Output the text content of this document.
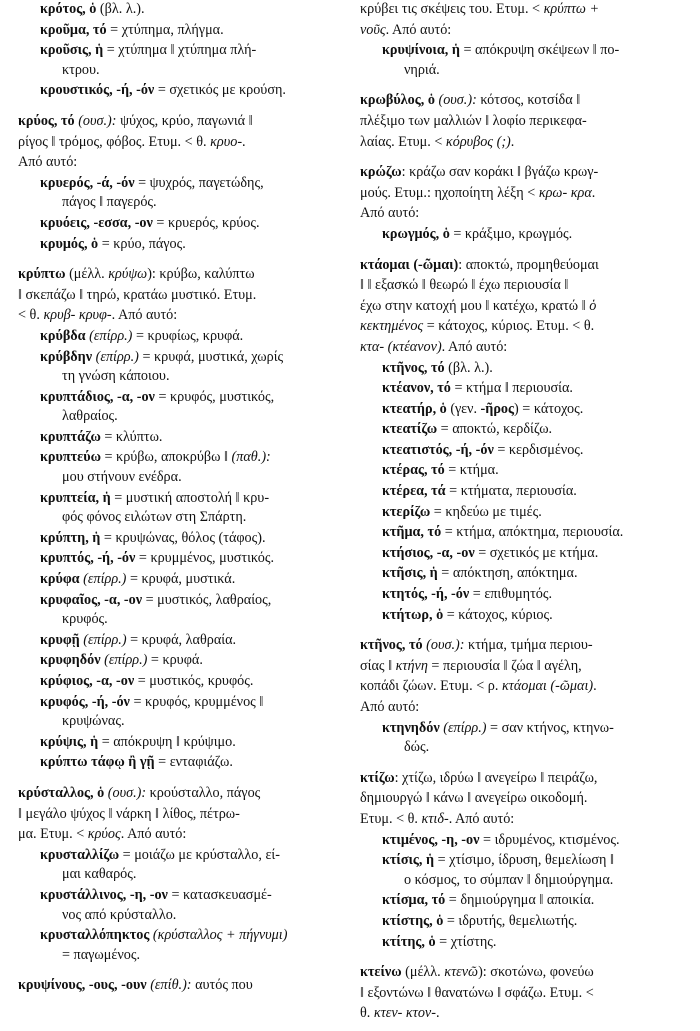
κρότος, ὁ (βλ. λ.).
κροῦμα, τό = χτύπημα, πλήγμα.
κροῦσις, ἡ = χτύπημα ‖ χτύπημα πλή-
κτρου.
κρουστικός, -ή, -όν = σχετικός με κρούση.
κρύος, τό (ουσ.): ψύχος, κρύο, παγωνιά ‖
ρίγος ‖ τρόμος, φόβος. Ετυμ. < θ. κρυο-.
Από αυτό:
κρυερός, -ά, -όν = ψυχρός, παγετώδης,
πάγος ‖ παγερός.
κρυόεις, -εσσα, -ον = κρυερός, κρύος.
κρυμός, ὁ = κρύο, πάγος.
κρύπτω (μέλλ. κρύψω): κρύβω, καλύπτω
‖ σκεπάζω ‖ τηρώ, κρατάω μυστικό. Ετυμ.
< θ. κρυβ- κρυφ-. Από αυτό:
κρύβδα (επίρρ.) = κρυφίως, κρυφά.
κρύβδην (επίρρ.) = κρυφά, μυστικά, χωρίς
τη γνώση κάποιου.
κρυπτάδιος, -α, -ον = κρυφός, μυστικός,
λαθραίος.
κρυπτάζω = κλύπτω.
κρυπτεύω = κρύβω, αποκρύβω ‖ (παθ.):
μου στήνουν ενέδρα.
κρυπτεία, ἡ = μυστική αποστολή ‖ κρυ-
φός φόνος ειλώτων στη Σπάρτη.
κρύπτη, ἡ = κρυψώνας, θόλος (τάφος).
κρυπτός, -ή, -όν = κρυμμένος, μυστικός.
κρύφα (επίρρ.) = κρυφά, μυστικά.
κρυφαῖος, -α, -ον = μυστικός, λαθραίος,
κρυφός.
κρυφῇ (επίρρ.) = κρυφά, λαθραία.
κρυφηδόν (επίρρ.) = κρυφά.
κρύφιος, -α, -ον = μυστικός, κρυφός.
κρυφός, -ή, -όν = κρυφός, κρυμμένος ‖
κρυψώνας.
κρύψις, ἡ = απόκρυψη ‖ κρύψιμο.
κρύπτω τάφῳ ἢ γῇ = ενταφιάζω.
κρύσταλλος, ὁ (ουσ.): κρούσταλλο, πάγος
‖ μεγάλο ψύχος ‖ νάρκη ‖ λίθος, πέτρω-
μα. Ετυμ. < κρύος. Από αυτό:
κρυσταλλίζω = μοιάζω με κρύσταλλο, εί-
μαι καθαρός.
κρυστάλλινος, -η, -ον = κατασκευασμέ-
νος από κρύσταλλο.
κρυσταλλόπηκτος (κρύσταλλος + πήγνυμι)
= παγωμένος.
κρυψίνους, -ους, -ουν (επίθ.): αυτός που
κρύβει τις σκέψεις του. Ετυμ. < κρύπτω +
νοῦς. Από αυτό:
κρυψίνοια, ἡ = απόκρυψη σκέψεων ‖ πο-
νηριά.
κρωβύλος, ὁ (ουσ.): κότσος, κοτσίδα ‖
πλέξιμο των μαλλιών ‖ λοφίο περικεφα-
λαίας. Ετυμ. < κόρυβος (;).
κρώζω: κράζω σαν κοράκι ‖ βγάζω κρωγ-
μούς. Ετυμ.: ηχοποίητη λέξη < κρω- κρα.
Από αυτό:
κρωγμός, ὁ = κράξιμο, κρωγμός.
κτάομαι (-ῶμαι): αποκτώ, προμηθεύομαι
‖ ‖ εξασκώ ‖ θεωρώ ‖ έχω περιουσία ‖
έχω στην κατοχή μου ‖ κατέχω, κρατώ ‖ ὁ
κεκτημένος = κάτοχος, κύριος. Ετυμ. < θ.
κτα- (κτέανον). Από αυτό:
κτῆνος, τό (βλ. λ.).
κτέανον, τό = κτήμα ‖ περιουσία.
κτεατήρ, ὁ (γεν. -ῆρος) = κάτοχος.
κτεατίζω = αποκτώ, κερδίζω.
κτεατιστός, -ή, -όν = κερδισμένος.
κτέρας, τό = κτήμα.
κτέρεα, τά = κτήματα, περιουσία.
κτερίζω = κηδεύω με τιμές.
κτῆμα, τό = κτήμα, απόκτημα, περιουσία.
κτήσιος, -α, -ον = σχετικός με κτήμα.
κτῆσις, ἡ = απόκτηση, απόκτημα.
κτητός, -ή, -όν = επιθυμητός.
κτήτωρ, ὁ = κάτοχος, κύριος.
κτῆνος, τό (ουσ.): κτήμα, τμήμα περιου-
σίας ‖ κτήνη = περιουσία ‖ ζώα ‖ αγέλη,
κοπάδι ζώων. Ετυμ. < ρ. κτάομαι (-ῶμαι).
Από αυτό:
κτηνηδόν (επίρρ.) = σαν κτήνος, κτηνω-
δώς.
κτίζω: χτίζω, ιδρύω ‖ ανεγείρω ‖ πειράζω,
δημιουργώ ‖ κάνω ‖ ανεγείρω οικοδομή.
Ετυμ. < θ. κτιδ-. Από αυτό:
κτιμένος, -η, -ον = ιδρυμένος, κτισμένος.
κτίσις, ἡ = χτίσιμο, ίδρυση, θεμελίωση ‖
ο κόσμος, το σύμπαν ‖ δημιούργημα.
κτίσμα, τό = δημιούργημα ‖ αποικία.
κτίστης, ὁ = ιδρυτής, θεμελιωτής.
κτίτης, ὁ = χτίστης.
κτείνω (μέλλ. κτενῶ): σκοτώνω, φονεύω
‖ εξοντώνω ‖ θανατώνω ‖ σφάζω. Ετυμ. <
θ. κτεν- κτον-.
